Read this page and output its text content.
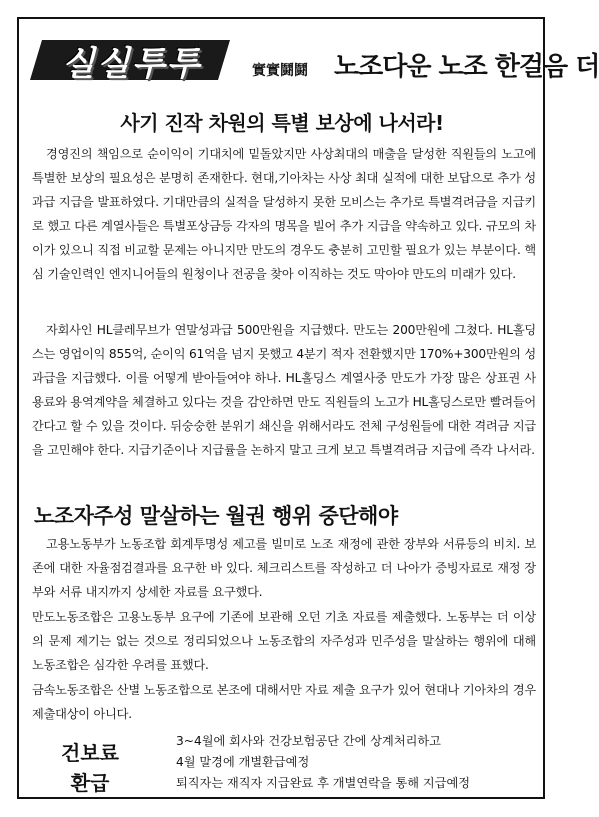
실실투투	實實鬪鬪 노조다운 노조 한걸음 더
사기 진작 차원의 특별 보상에 나서라!

경영진의 책임으로 순이익이 기대치에 밑돌았지만 사상최대의 매출을 달성한 직원들의 노고에 특별한 보상의 필요성은 분명히 존재한다. 현대,기아차는 사상 최대 실적에 대한 보답으로 추가 성과급 지급을 발표하였다. 기대만큼의 실적을 달성하지 못한 모비스는 추가로 특별격려금을 지급키로 했고 다른 계열사들은 특별포상금등 각자의 명목을 빌어 추가 지급을 약속하고 있다. 규모의 차이가 있으니 직접 비교할 문제는 아니지만 만도의 경우도 충분히 고민할 필요가 있는 부분이다. 핵심 기술인력인 엔지니어들의 원청이나 전공을 찾아 이직하는 것도 막아야 만도의 미래가 있다.

자회사인 HL클레무브가 연말성과급 500만원을 지급했다. 만도는 200만원에 그쳤다. HL홀딩스는 영업이익 855억, 순이익 61억을 넘지 못했고 4분기 적자 전환했지만 170%+300만원의 성과급을 지급했다. 이를 어떻게 받아들여야 하나. HL홀딩스 계열사중 만도가 가장 많은 상표권 사용료와 용역계약을 체결하고 있다는 것을 감안하면 만도 직원들의 노고가 HL홀딩스로만 빨려들어간다고 할 수 있을 것이다. 뒤숭숭한 분위기 쇄신을 위해서라도 전체 구성원들에 대한 격려금 지급을 고민해야 한다. 지급기준이나 지급률을 논하지 말고 크게 보고 특별격려금 지급에 즉각 나서라.

노조자주성 말살하는 월권 행위 중단해야

고용노동부가 노동조합 회계투명성 제고를 빌미로 노조 재정에 관한 장부와 서류등의 비치. 보존에 대한 자율점검결과를 요구한 바 있다. 체크리스트를 작성하고 더 나아가 증빙자료로 재정 장부와 서류 내지까지 상세한 자료를 요구했다.

만도노동조합은 고용노동부 요구에 기존에 보관해 오던 기초 자료를 제출했다. 노동부는 더 이상의 문제 제기는 없는 것으로 정리되었으나 노동조합의 자주성과 민주성을 말살하는 행위에 대해 노동조합은 심각한 우려를 표했다.

금속노동조합은 산별 노동조합으로 본조에 대해서만 자료 제출 요구가 있어 현대나 기아차의 경우 제출대상이 아니다.

건보료
환급
3~4월에 회사와 건강보험공단 간에 상계처리하고
4월 말경에 개별환급예정
퇴직자는 재직자 지급완료 후 개별연락을 통해 지급예정
